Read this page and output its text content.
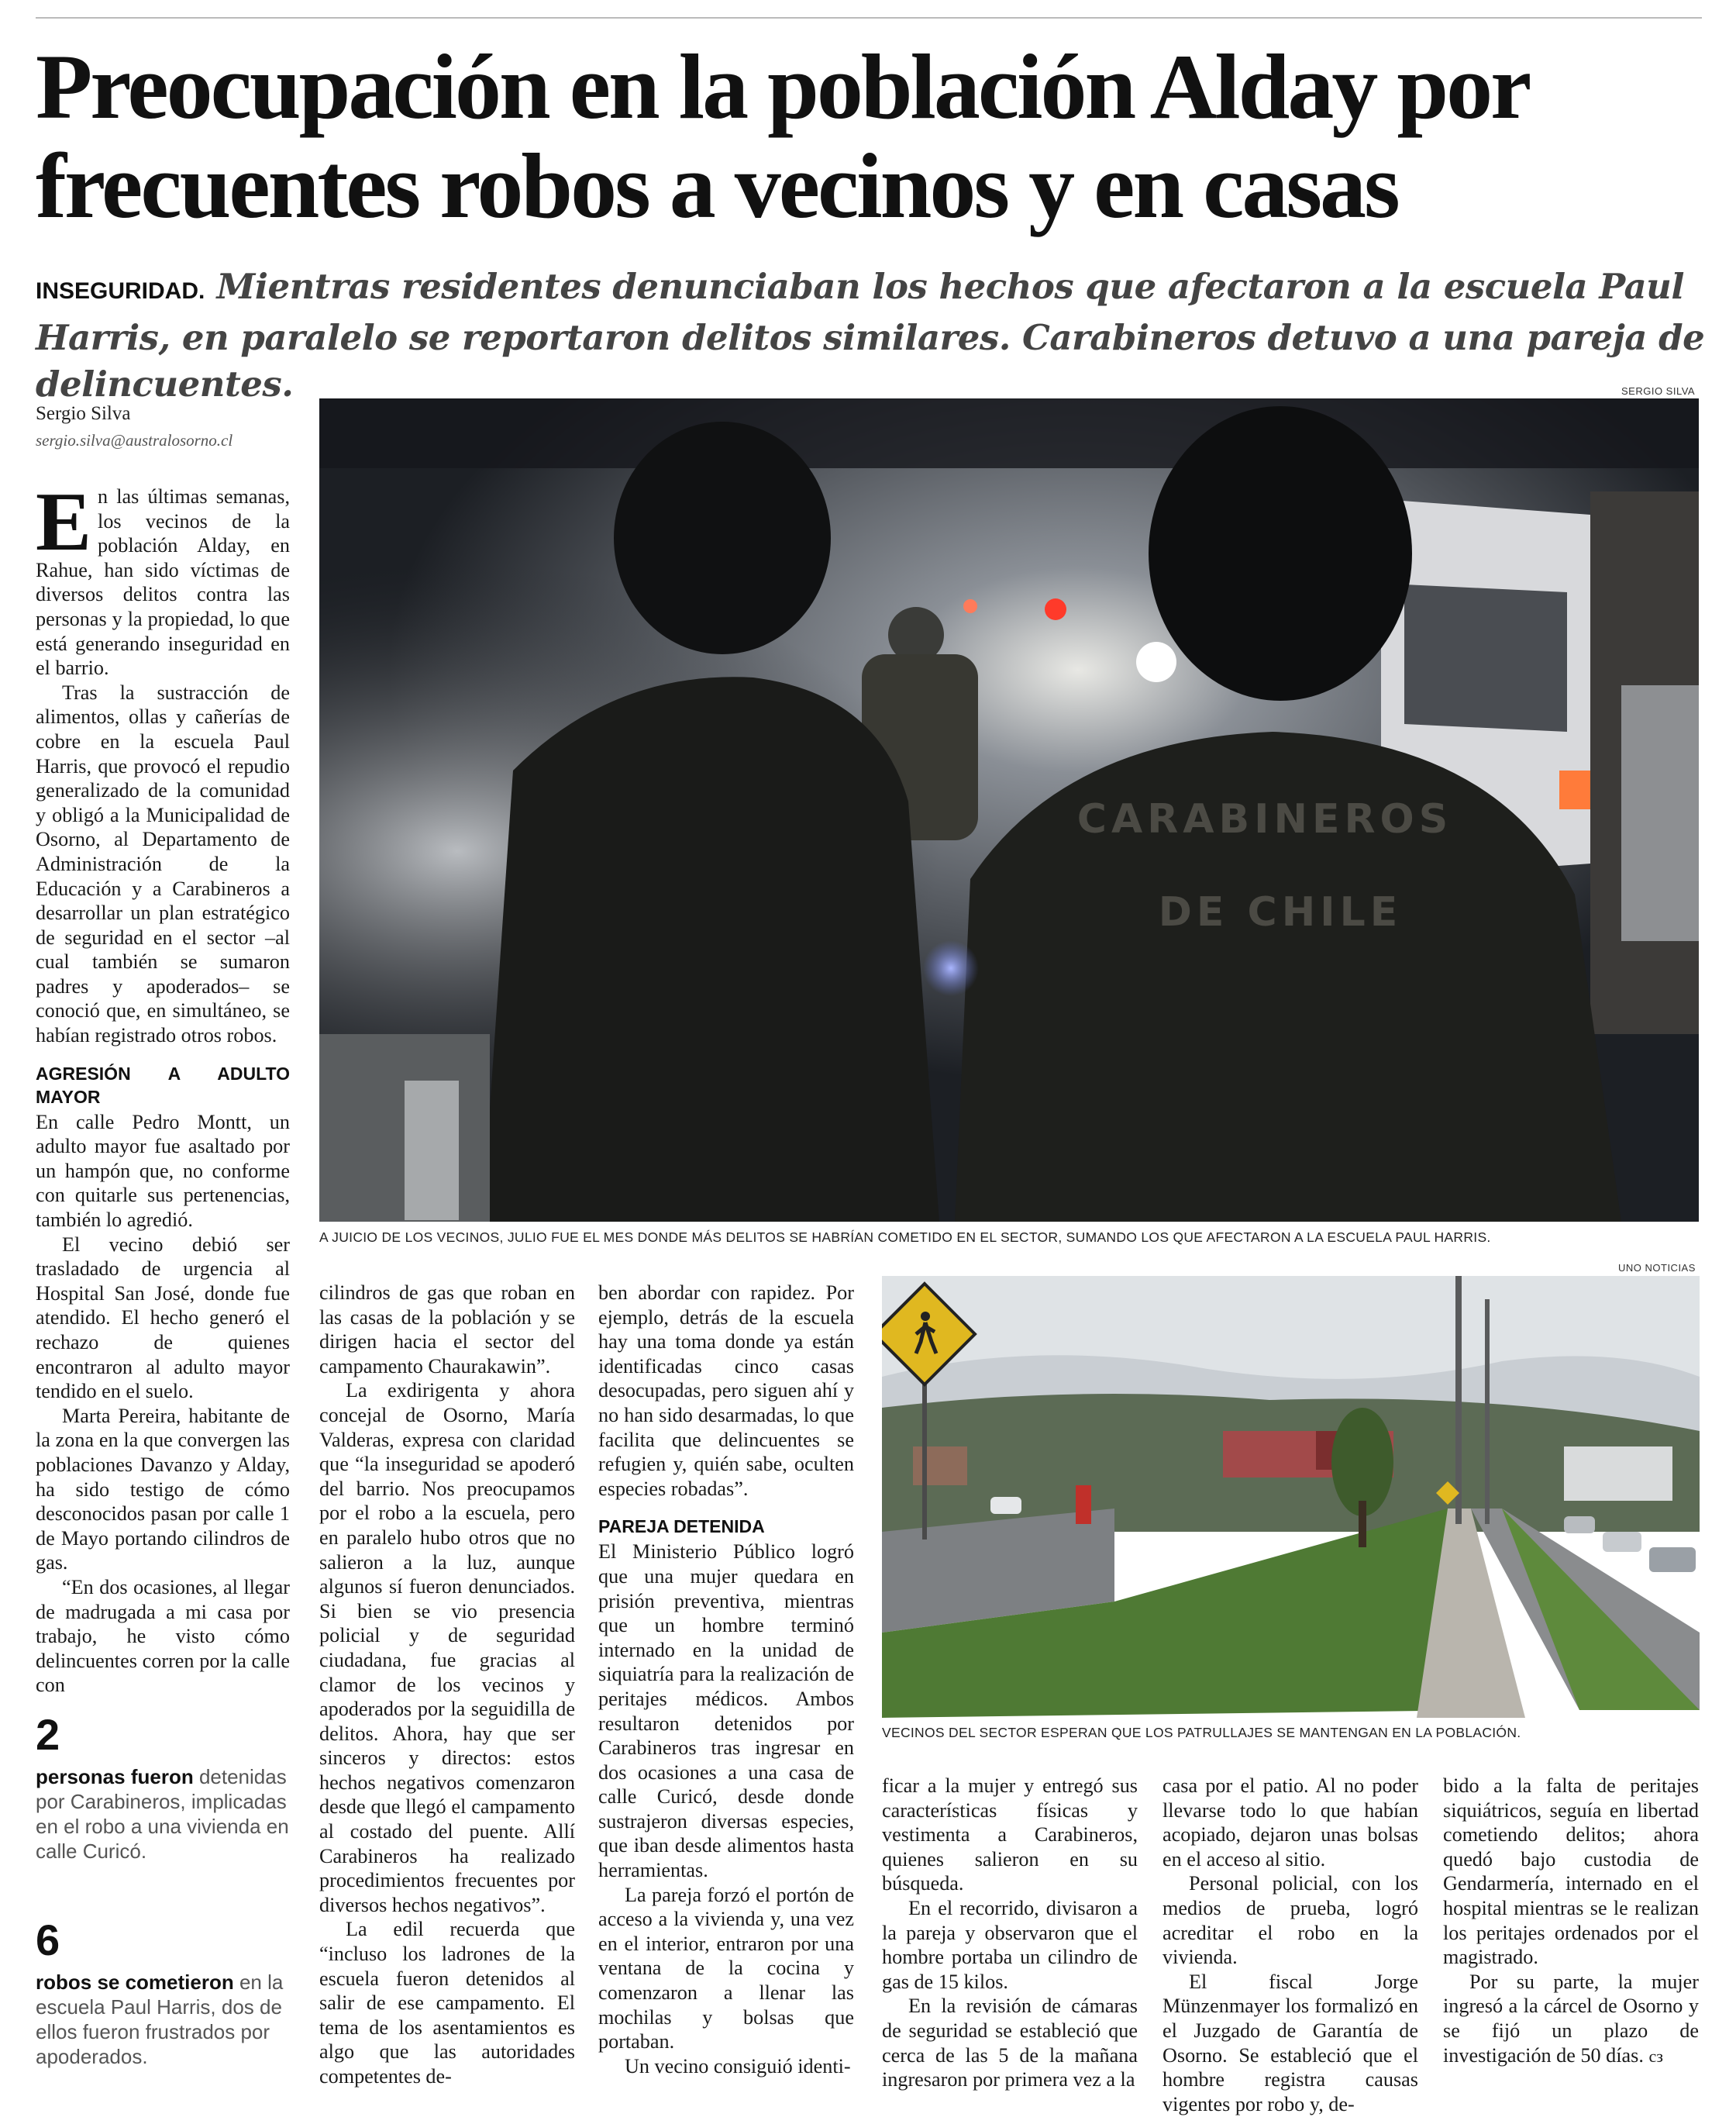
Preocupación en la población Alday por frecuentes robos a vecinos y en casas
INSEGURIDAD. Mientras residentes denunciaban los hechos que afectaron a la escuela Paul Harris, en paralelo se reportaron delitos similares. Carabineros detuvo a una pareja de delincuentes.
Sergio Silva
sergio.silva@australosorno.cl

En las últimas semanas, los vecinos de la población Alday, en Rahue, han sido víctimas de diversos delitos contra las personas y la propiedad, lo que está generando inseguridad en el barrio.

Tras la sustracción de alimentos, ollas y cañerías de cobre en la escuela Paul Harris, que provocó el repudio generalizado de la comunidad y obligó a la Municipalidad de Osorno, al Departamento de Administración de la Educación y a Carabineros a desarrollar un plan estratégico de seguridad en el sector –al cual también se sumaron padres y apoderados– se conoció que, en simultáneo, se habían registrado otros robos.

AGRESIÓN A ADULTO MAYOR

En calle Pedro Montt, un adulto mayor fue asaltado por un hampón que, no conforme con quitarle sus pertenencias, también lo agredió.

El vecino debió ser trasladado de urgencia al Hospital San José, donde fue atendido. El hecho generó el rechazo de quienes encontraron al adulto mayor tendido en el suelo.

Marta Pereira, habitante de la zona en la que convergen las poblaciones Davanzo y Alday, ha sido testigo de cómo desconocidos pasan por calle 1 de Mayo portando cilindros de gas.

“En dos ocasiones, al llegar de madrugada a mi casa por trabajo, he visto cómo delincuentes corren por la calle con

2
personas fueron detenidas por Carabineros, implicadas en el robo a una vivienda en calle Curicó.
6
robos se cometieron en la escuela Paul Harris, dos de ellos fueron frustrados por apoderados.
SERGIO SILVA
CARABINEROS
DE CHILE
A JUICIO DE LOS VECINOS, JULIO FUE EL MES DONDE MÁS DELITOS SE HABRÍAN COMETIDO EN EL SECTOR, SUMANDO LOS QUE AFECTARON A LA ESCUELA PAUL HARRIS.

cilindros de gas que roban en las casas de la población y se dirigen hacia el sector del campamento Chaurakawin”.

La exdirigenta y ahora concejal de Osorno, María Valderas, expresa con claridad que “la inseguridad se apoderó del barrio. Nos preocupamos por el robo a la escuela, pero en paralelo hubo otros que no salieron a la luz, aunque algunos sí fueron denunciados. Si bien se vio presencia policial y de seguridad ciudadana, fue gracias al clamor de los vecinos y apoderados por la seguidilla de delitos. Ahora, hay que ser sinceros y directos: estos hechos negativos comenzaron desde que llegó el campamento al costado del puente. Allí Carabineros ha realizado procedimientos frecuentes por diversos hechos negativos”.

La edil recuerda que “incluso los ladrones de la escuela fueron detenidos al salir de ese campamento. El tema de los asentamientos es algo que las autoridades competentes de-

ben abordar con rapidez. Por ejemplo, detrás de la escuela hay una toma donde ya están identificadas cinco casas desocupadas, pero siguen ahí y no han sido desarmadas, lo que facilita que delincuentes se refugien y, quién sabe, oculten especies robadas”.

PAREJA DETENIDA

El Ministerio Público logró que una mujer quedara en prisión preventiva, mientras que un hombre terminó internado en la unidad de siquiatría para la realización de peritajes médicos. Ambos resultaron detenidos por Carabineros tras ingresar en dos ocasiones a una casa de calle Curicó, desde donde sustrajeron diversas especies, que iban desde alimentos hasta herramientas.

La pareja forzó el portón de acceso a la vivienda y, una vez en el interior, entraron por una ventana de la cocina y comenzaron a llenar las mochilas y bolsas que portaban.

Un vecino consiguió identi-

UNO NOTICIAS
VECINOS DEL SECTOR ESPERAN QUE LOS PATRULLAJES SE MANTENGAN EN LA POBLACIÓN.

ficar a la mujer y entregó sus características físicas y vestimenta a Carabineros, quienes salieron en su búsqueda.

En el recorrido, divisaron a la pareja y observaron que el hombre portaba un cilindro de gas de 15 kilos.

En la revisión de cámaras de seguridad se estableció que cerca de las 5 de la mañana ingresaron por primera vez a la

casa por el patio. Al no poder llevarse todo lo que habían acopiado, dejaron unas bolsas en el acceso al sitio.

Personal policial, con los medios de prueba, logró acreditar el robo en la vivienda.

El fiscal Jorge Münzenmayer los formalizó en el Juzgado de Garantía de Osorno. Se estableció que el hombre registra causas vigentes por robo y, de-

bido a la falta de peritajes siquiátricos, seguía en libertad cometiendo delitos; ahora quedó bajo custodia de Gendarmería, internado en el hospital mientras se le realizan los peritajes ordenados por el magistrado.

Por su parte, la mujer ingresó a la cárcel de Osorno y se fijó un plazo de investigación de 50 días. cз
